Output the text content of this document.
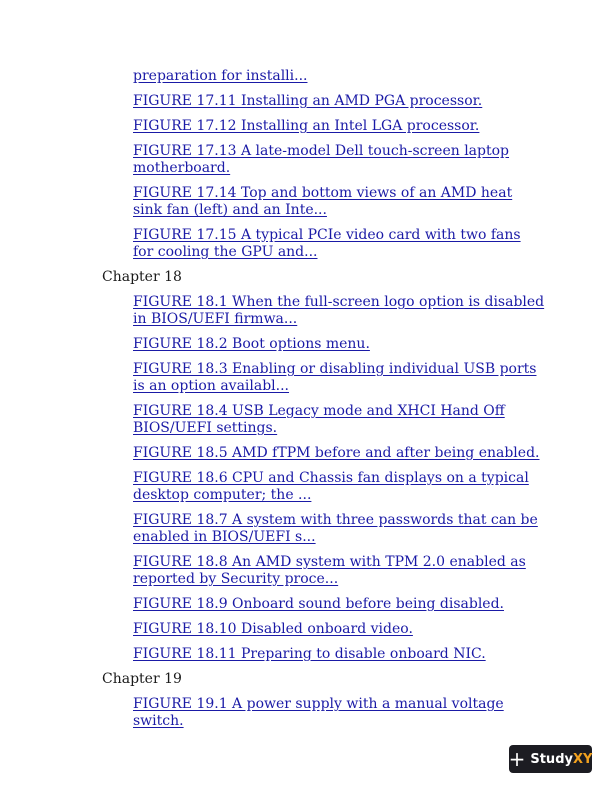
preparation for installi...
FIGURE 17.11 Installing an AMD PGA processor.
FIGURE 17.12 Installing an Intel LGA processor.
FIGURE 17.13 A late-model Dell touch-screen laptop motherboard.
FIGURE 17.14 Top and bottom views of an AMD heat sink fan (left) and an Inte...
FIGURE 17.15 A typical PCIe video card with two fans for cooling the GPU and...
Chapter 18
FIGURE 18.1 When the full-screen logo option is disabled in BIOS/UEFI firmwa...
FIGURE 18.2 Boot options menu.
FIGURE 18.3 Enabling or disabling individual USB ports is an option availabl...
FIGURE 18.4 USB Legacy mode and XHCI Hand Off BIOS/UEFI settings.
FIGURE 18.5 AMD fTPM before and after being enabled.
FIGURE 18.6 CPU and Chassis fan displays on a typical desktop computer; the ...
FIGURE 18.7 A system with three passwords that can be enabled in BIOS/UEFI s...
FIGURE 18.8 An AMD system with TPM 2.0 enabled as reported by Security proce...
FIGURE 18.9 Onboard sound before being disabled.
FIGURE 18.10 Disabled onboard video.
FIGURE 18.11 Preparing to disable onboard NIC.
Chapter 19
FIGURE 19.1 A power supply with a manual voltage switch.
+ Study XY
